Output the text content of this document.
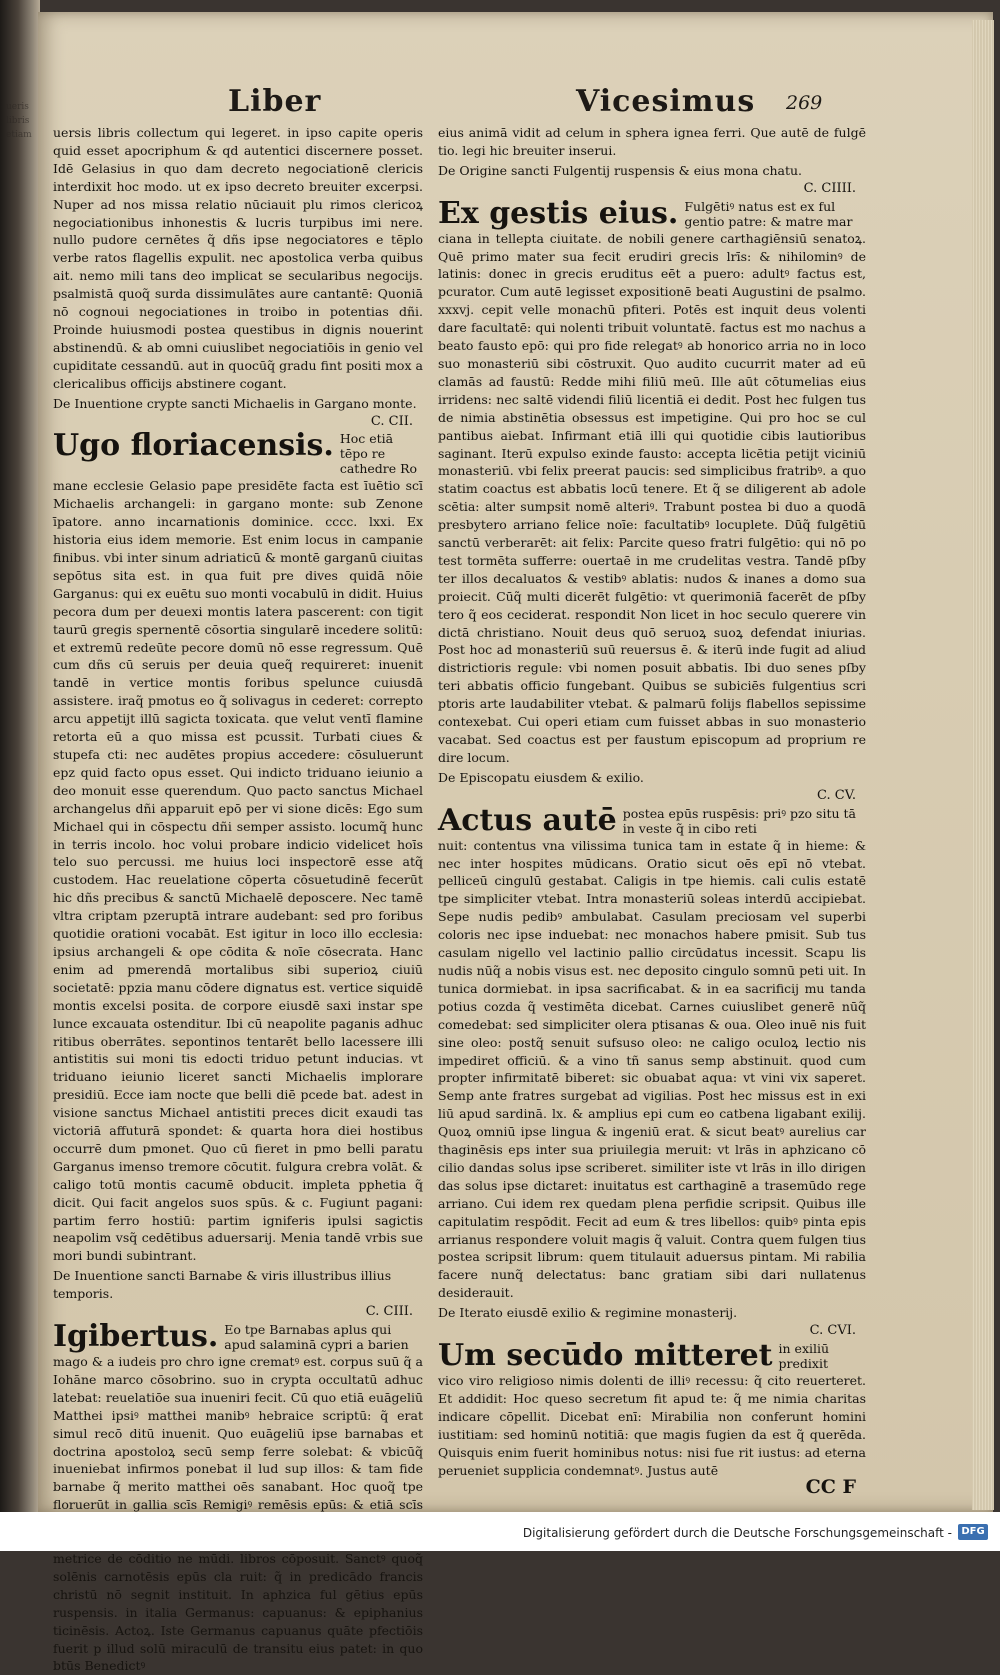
ueris libris etiam
Liber	Vicesimus 269

uersis libris collectum qui legeret. in ipso capite operis quid esset apocriphum & qd autentici discernere posset. Idē Gelasius in quo dam decreto negociationē clericis interdixit hoc modo. ut ex ipso decreto breuiter excerpsi. Nuper ad nos missa relatio nūciauit plu rimos clericoꝝ negociationibus inhonestis & lucris turpibus imi nere. nullo pudore cernētes q̃ dñs ipse negociatores e tēplo verbe ratos flagellis expulit. nec apostolica verba quibus ait. nemo mili tans deo implicat se secularibus negocijs. psalmistā quoq̃ surda dissimulātes aure cantantē: Quoniā nō cognoui negociationes in troibo in potentias dñi. Proinde huiusmodi postea questibus in dignis nouerint abstinendū. & ab omni cuiuslibet negociatiōis in genio vel cupiditate cessandū. aut in quocūq̃ gradu fint positi mox a clericalibus officijs abstinere cogant.

De Inuentione crypte sancti Michaelis in Gargano monte.

C. CII.

Ugo floriacensis. Hoc etiā tēpo re cathedre Ro

mane ecclesie Gelasio pape presidēte facta est īuētio scī Michaelis archangeli: in gargano monte: sub Zenone īpatore. anno incarnationis dominice. cccc. lxxi. Ex historia eius idem memorie. Est enim locus in campanie finibus. vbi inter sinum adriaticū & montē garganū ciuitas sepōtus sita est. in qua fuit pre dives quidā nōie Garganus: qui ex euētu suo monti vocabulū in didit. Huius pecora dum per deuexi montis latera pascerent: con tigit taurū gregis spernentē cōsortia singularē incedere solitū: et extremū redeūte pecore domū nō esse regressum. Quē cum dñs cū seruis per deuia queq̃ requireret: inuenit tandē in vertice montis foribus spelunce cuiusdā assistere. iraq̃ pmotus eo q̃ solivagus in cederet: correpto arcu appetijt illū sagicta toxicata. que velut ventī flamine retorta eū a quo missa est pcussit. Turbati ciues & stupefa cti: nec audētes propius accedere: cōsuluerunt epz quid facto opus esset. Qui indicto triduano ieiunio a deo monuit esse querendum. Quo pacto sanctus Michael archangelus dñi apparuit epō per vi sione dicēs: Ego sum Michael qui in cōspectu dñi semper assisto. locumq̃ hunc in terris incolo. hoc volui probare indicio videlicet hoīs telo suo percussi. me huius loci inspectorē esse atq̃ custodem. Hac reuelatione cōperta cōsuetudinē fecerūt hic dñs precibus & sanctū Michaelē deposcere. Nec tamē vltra criptam pzeruptā intrare audebant: sed pro foribus quotidie orationi vocabāt. Est igitur in loco illo ecclesia: ipsius archangeli & ope cōdita & noīe cōsecrata. Hanc enim ad pmerendā mortalibus sibi superioꝝ ciuiū societatē: ppzia manu cōdere dignatus est. vertice siquidē montis excelsi posita. de corpore eiusdē saxi instar spe lunce excauata ostenditur. Ibi cū neapolite paganis adhuc ritibus oberrātes. sepontinos tentarēt bello lacessere illi antistitis sui moni tis edocti triduo petunt inducias. vt triduano ieiunio liceret sancti Michaelis implorare presidiū. Ecce iam nocte que belli diē pcede bat. adest in visione sanctus Michael antistiti preces dicit exaudi tas victoriā affuturā spondet: & quarta hora diei hostibus occurrē dum pmonet. Quo cū fieret in pmo belli paratu Garganus imenso tremore cōcutit. fulgura crebra volāt. & caligo totū montis cacumē obducit. impleta pphetia q̃ dicit. Qui facit angelos suos spūs. & c. Fugiunt pagani: partim ferro hostiū: partim igniferis ipulsi sagictis neapolim vsq̃ cedētibus aduersarij. Menia tandē vrbis sue mori bundi subintrant.

De Inuentione sancti Barnabe & viris illustribus illius temporis.

C. CIII.

Igibertus. Eo tpe Barnabas aplus qui apud salaminā cypri a barien

mago & a iudeis pro chro igne crematꝰ est. corpus suū q̃ a Iohāne marco cōsobrino. suo in crypta occultatū adhuc latebat: reuelatiōe sua inueniri fecit. Cū quo etiā euāgeliū Matthei ipsiꝰ matthei manibꝰ hebraice scriptū: q̃ erat simul recō ditū inuenit. Quo euāgeliū ipse barnabas et doctrina apostoloꝝ secū semp ferre solebat: & vbicūq̃ inueniebat infirmos ponebat il lud sup illos: & tam fide barnabe q̃ merito matthei oēs sanabant. Hoc quoq̃ tpe floruerūt in gallia scīs Remigiꝰ remēsis epūs: & etiā scīs metrice de cōditio ne mūdi. libros cōposuit. Sanctꝰ quoq̃ solēnis carnotēsis epūs cla ruit: q̃ in predicādo francis christū nō segnit instituit. In aphzica ful gētius epūs ruspensis. in italia Germanus: capuanus: & epiphanius ticinēsis. Actoꝝ. Iste Germanus capuanus quāte pfectiōis fuerit p illud solū miraculū de transitu eius patet: in quo btūs Benedictꝰ

eius animā vidit ad celum in sphera ignea ferri. Que autē de fulgē tio. legi hic breuiter inserui.

De Origine sancti Fulgentij ruspensis & eius mona chatu.

C. CIIII.

Ex gestis eius. Fulgētiꝰ natus est ex ful gentio patre: & matre mar

ciana in tellepta ciuitate. de nobili genere carthagiēnsiū senatoꝝ. Quē primo mater sua fecit erudiri grecis lrīs: & nihilominꝰ de latinis: donec in grecis eruditus eēt a puero: adultꝰ factus est, pcurator. Cum autē legisset expositionē beati Augustini de psalmo. xxxvj. cepit velle monachū pfiteri. Potēs est inquit deus volenti dare facultatē: qui nolenti tribuit voluntatē. factus est mo nachus a beato fausto epō: qui pro fide relegatꝰ ab honorico arria no in loco suo monasteriū sibi cōstruxit. Quo audito cucurrit mater ad eū clamās ad faustū: Redde mihi filiū meū. Ille aūt cōtumelias eius irridens: nec saltē videndi filiū licentiā ei dedit. Post hec fulgen tus de nimia abstinētia obsessus est impetigine. Qui pro hoc se cul pantibus aiebat. Infirmant etiā illi qui quotidie cibis lautioribus saginant. Iterū expulso exinde fausto: accepta licētia petijt viciniū monasteriū. vbi felix preerat paucis: sed simplicibus fratribꝰ. a quo statim coactus est abbatis locū tenere. Et q̃ se diligerent ab adole scētia: alter sumpsit nomē alteriꝰ. Trabunt postea bi duo a quodā presbytero arriano felice noīe: facultatibꝰ locuplete. Dūq̃ fulgētiū sanctū verberarēt: ait felix: Parcite queso fratri fulgētio: qui nō po test tormēta sufferre: ouertaē in me crudelitas vestra. Tandē pſby ter illos decaluatos & vestibꝰ ablatis: nudos & inanes a domo sua proiecit. Cūq̃ multi dicerēt fulgētio: vt querimoniā facerēt de pſby tero q̃ eos ceciderat. respondit Non licet in hoc seculo querere vin dictā christiano. Nouit deus quō seruoꝝ suoꝝ defendat iniurias. Post hoc ad monasteriū suū reuersus ē. & iterū inde fugit ad aliud districtioris regule: vbi nomen posuit abbatis. Ibi duo senes pſby teri abbatis officio fungebant. Quibus se subiciēs fulgentius scri ptoris arte laudabiliter vtebat. & palmarū folijs flabellos sepissime contexebat. Cui operi etiam cum fuisset abbas in suo monasterio vacabat. Sed coactus est per faustum episcopum ad proprium re dire locum.

De Episcopatu eiusdem & exilio.

C. CV.

Actus autē postea epūs ruspēsis: priꝰ pzo situ tā in veste q̃ in cibo reti

nuit: contentus vna vilissima tunica tam in estate q̃ in hieme: & nec inter hospites mūdicans. Oratio sicut oēs epī nō vtebat. pelliceū cingulū gestabat. Caligis in tpe hiemis. cali culis estatē tpe simpliciter vtebat. Intra monasteriū soleas interdū accipiebat. Sepe nudis pedibꝰ ambulabat. Casulam preciosam vel superbi coloris nec ipse induebat: nec monachos habere pmisit. Sub tus casulam nigello vel lactinio pallio circūdatus incessit. Scapu lis nudis nūq̃ a nobis visus est. nec deposito cingulo somnū peti uit. In tunica dormiebat. in ipsa sacrificabat. & in ea sacrificij mu tanda potius cozda q̃ vestimēta dicebat. Carnes cuiuslibet generē nūq̃ comedebat: sed simpliciter olera ptisanas & oua. Oleo inuē nis fuit sine oleo: postq̃ senuit sufsuso oleo: ne caligo oculoꝝ lectio nis impediret officiū. & a vino tñ sanus semp abstinuit. quod cum propter infirmitatē biberet: sic obuabat aqua: vt vini vix saperet. Semp ante fratres surgebat ad vigilias. Post hec missus est in exi liū apud sardinā. lx. & amplius epi cum eo catbena ligabant exilij. Quoꝝ omniū ipse lingua & ingeniū erat. & sicut beatꝰ aurelius car thaginēsis eps inter sua priuilegia meruit: vt lrās in aphzicano cō cilio dandas solus ipse scriberet. similiter iste vt lrās in illo dirigen das solus ipse dictaret: inuitatus est carthaginē a trasemūdo rege arriano. Cui idem rex quedam plena perfidie scripsit. Quibus ille capitulatim respōdit. Fecit ad eum & tres libellos: quibꝰ pinta epis arrianus respondere voluit magis q̃ valuit. Contra quem fulgen tius postea scripsit librum: quem titulauit aduersus pintam. Mi rabilia facere nunq̃ delectatus: banc gratiam sibi dari nullatenus desiderauit.

De Iterato eiusdē exilio & regimine monasterij.

C. CVI.

Um secūdo mitteret in exiliū predixit

vico viro religioso nimis dolenti de illiꝰ recessu: q̃ cito reuerteret. Et addidit: Hoc queso secretum fit apud te: q̃ me nimia charitas indicare cōpellit. Dicebat enī: Mirabilia non conferunt homini iustitiam: sed hominū notitiā: que magis fugien da est q̃ querēda. Quisquis enim fuerit hominibus notus: nisi fue rit iustus: ad eterna perueniet supplicia condemnatꝰ. Justus autē

CC F

Digitalisierung gefördert durch die Deutsche Forschungsgemeinschaft - DFG
